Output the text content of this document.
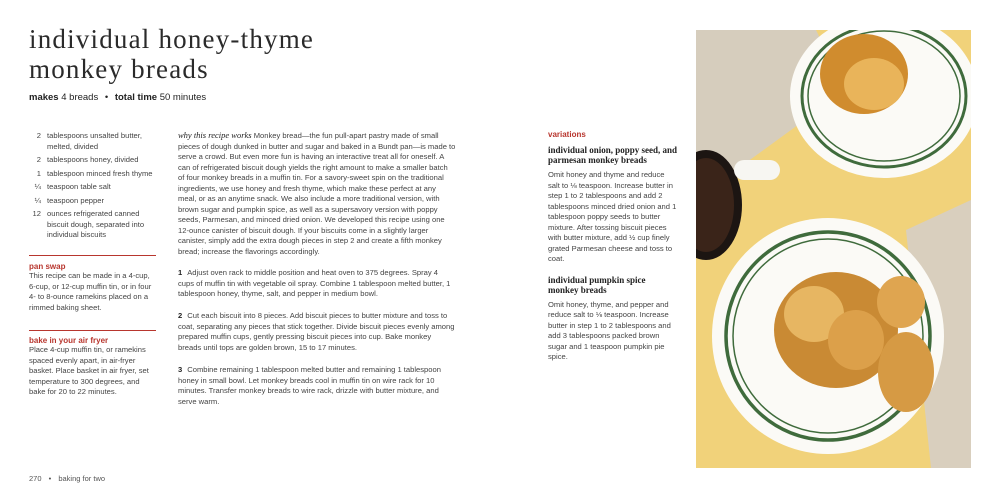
individual honey-thyme
monkey breads
makes 4 breads • total time 50 minutes
2 tablespoons unsalted butter, melted, divided
2 tablespoons honey, divided
1 tablespoon minced fresh thyme
¼ teaspoon table salt
¼ teaspoon pepper
12 ounces refrigerated canned biscuit dough, separated into individual biscuits
pan swap
This recipe can be made in a 4-cup, 6-cup, or 12-cup muffin tin, or in four 4- to 8-ounce ramekins placed on a rimmed baking sheet.
bake in your air fryer
Place 4-cup muffin tin, or ramekins spaced evenly apart, in air-fryer basket. Place basket in air fryer, set temperature to 300 degrees, and bake for 20 to 22 minutes.
why this recipe works Monkey bread—the fun pull-apart pastry made of small pieces of dough dunked in butter and sugar and baked in a Bundt pan—is made to serve a crowd. But even more fun is having an interactive treat all for oneself. A can of refrigerated biscuit dough yields the right amount to make a smaller batch of four monkey breads in a muffin tin. For a savory-sweet spin on the traditional ingredients, we use honey and fresh thyme, which make these perfect at any meal, or as an anytime snack. We also include a more traditional version, with brown sugar and pumpkin spice, as well as a supersavory version with poppy seeds, Parmesan, and minced dried onion. We developed this recipe using one 12-ounce canister of biscuit dough. If your biscuits come in a slightly larger canister, simply add the extra dough pieces in step 2 and create a fifth monkey bread; increase the flavorings accordingly.
1 Adjust oven rack to middle position and heat oven to 375 degrees. Spray 4 cups of muffin tin with vegetable oil spray. Combine 1 tablespoon melted butter, 1 tablespoon honey, thyme, salt, and pepper in medium bowl.
2 Cut each biscuit into 8 pieces. Add biscuit pieces to butter mixture and toss to coat, separating any pieces that stick together. Divide biscuit pieces evenly among prepared muffin cups, gently pressing biscuit pieces into cup. Bake monkey breads until tops are golden brown, 15 to 17 minutes.
3 Combine remaining 1 tablespoon melted butter and remaining 1 tablespoon honey in small bowl. Let monkey breads cool in muffin tin on wire rack for 10 minutes. Transfer monkey breads to wire rack, drizzle with butter mixture, and serve warm.
variations
individual onion, poppy seed, and parmesan monkey breads
Omit honey and thyme and reduce salt to ⅛ teaspoon. Increase butter in step 1 to 2 tablespoons and add 2 tablespoons minced dried onion and 1 tablespoon poppy seeds to butter mixture. After tossing biscuit pieces with butter mixture, add ½ cup finely grated Parmesan cheese and toss to coat.
individual pumpkin spice monkey breads
Omit honey, thyme, and pepper and reduce salt to ⅛ teaspoon. Increase butter in step 1 to 2 tablespoons and add 3 tablespoons packed brown sugar and 1 teaspoon pumpkin pie spice.
270 • baking for two
